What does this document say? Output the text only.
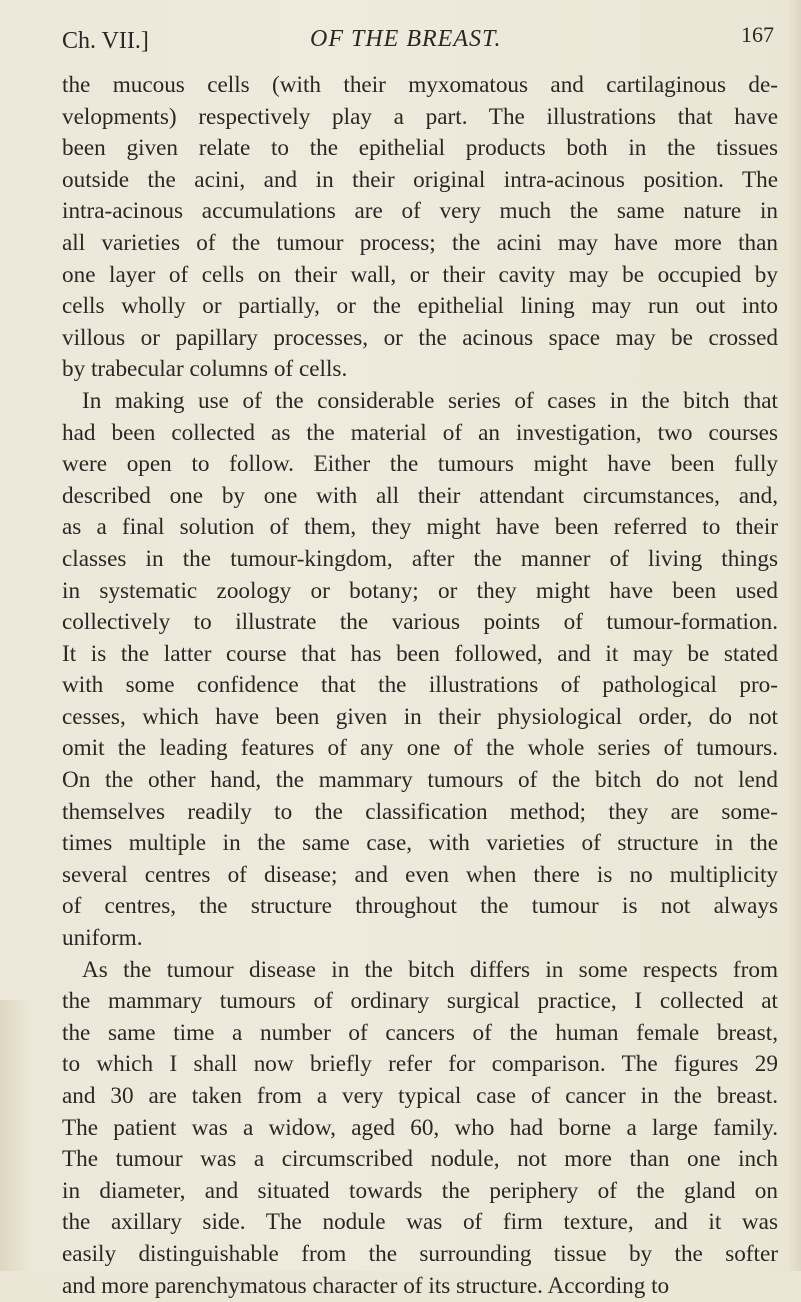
Ch. VII.]	OF THE BREAST.	167
the mucous cells (with their myxomatous and cartilaginous de-
velopments) respectively play a part. The illustrations that have
been given relate to the epithelial products both in the tissues
outside the acini, and in their original intra-acinous position. The
intra-acinous accumulations are of very much the same nature in
all varieties of the tumour process; the acini may have more than
one layer of cells on their wall, or their cavity may be occupied by
cells wholly or partially, or the epithelial lining may run out into
villous or papillary processes, or the acinous space may be crossed
by trabecular columns of cells.
In making use of the considerable series of cases in the bitch that
had been collected as the material of an investigation, two courses
were open to follow. Either the tumours might have been fully
described one by one with all their attendant circumstances, and,
as a final solution of them, they might have been referred to their
classes in the tumour-kingdom, after the manner of living things
in systematic zoology or botany; or they might have been used
collectively to illustrate the various points of tumour-formation.
It is the latter course that has been followed, and it may be stated
with some confidence that the illustrations of pathological pro-
cesses, which have been given in their physiological order, do not
omit the leading features of any one of the whole series of tumours.
On the other hand, the mammary tumours of the bitch do not lend
themselves readily to the classification method; they are some-
times multiple in the same case, with varieties of structure in the
several centres of disease; and even when there is no multiplicity
of centres, the structure throughout the tumour is not always
uniform.
As the tumour disease in the bitch differs in some respects from
the mammary tumours of ordinary surgical practice, I collected at
the same time a number of cancers of the human female breast,
to which I shall now briefly refer for comparison. The figures 29
and 30 are taken from a very typical case of cancer in the breast.
The patient was a widow, aged 60, who had borne a large family.
The tumour was a circumscribed nodule, not more than one inch
in diameter, and situated towards the periphery of the gland on
the axillary side. The nodule was of firm texture, and it was
easily distinguishable from the surrounding tissue by the softer
and more parenchymatous character of its structure. According to
